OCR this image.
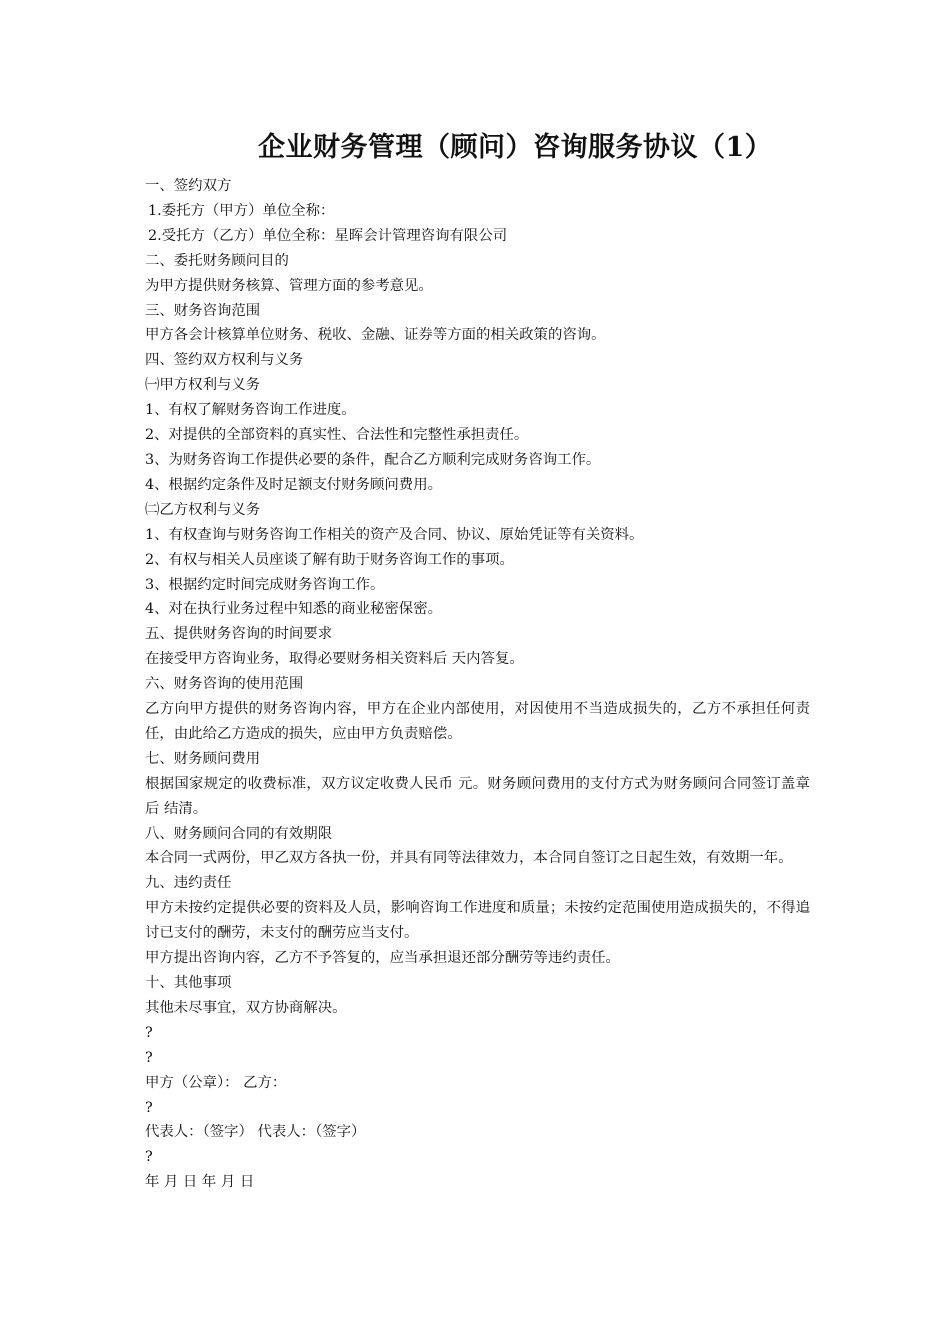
企业财务管理（顾问）咨询服务协议（1）

一、签约双方

1.委托方（甲方）单位全称：

2.受托方（乙方）单位全称：星晖会计管理咨询有限公司

二、委托财务顾问目的

为甲方提供财务核算、管理方面的参考意见。

三、财务咨询范围

甲方各会计核算单位财务、税收、金融、证券等方面的相关政策的咨询。

四、签约双方权利与义务

㈠甲方权利与义务

1、有权了解财务咨询工作进度。

2、对提供的全部资料的真实性、合法性和完整性承担责任。

3、为财务咨询工作提供必要的条件，配合乙方顺利完成财务咨询工作。

4、根据约定条件及时足额支付财务顾问费用。

㈡乙方权利与义务

1、有权查询与财务咨询工作相关的资产及合同、协议、原始凭证等有关资料。

2、有权与相关人员座谈了解有助于财务咨询工作的事项。

3、根据约定时间完成财务咨询工作。

4、对在执行业务过程中知悉的商业秘密保密。

五、提供财务咨询的时间要求

在接受甲方咨询业务，取得必要财务相关资料后 天内答复。

六、财务咨询的使用范围

乙方向甲方提供的财务咨询内容，甲方在企业内部使用，对因使用不当造成损失的，乙方不承担任何责任，由此给乙方造成的损失，应由甲方负责赔偿。

七、财务顾问费用

根据国家规定的收费标准，双方议定收费人民币 元。财务顾问费用的支付方式为财务顾问合同签订盖章后 结清。

八、财务顾问合同的有效期限

本合同一式两份，甲乙双方各执一份，并具有同等法律效力，本合同自签订之日起生效，有效期一年。

九、违约责任

甲方未按约定提供必要的资料及人员，影响咨询工作进度和质量；未按约定范围使用造成损失的，不得追讨已支付的酬劳，未支付的酬劳应当支付。

甲方提出咨询内容，乙方不予答复的，应当承担退还部分酬劳等违约责任。

十、其他事项

其他未尽事宜，双方协商解决。

?

?

甲方（公章）： 乙方：

?

代表人：（签字） 代表人：（签字）

?

年 月 日 年 月 日
